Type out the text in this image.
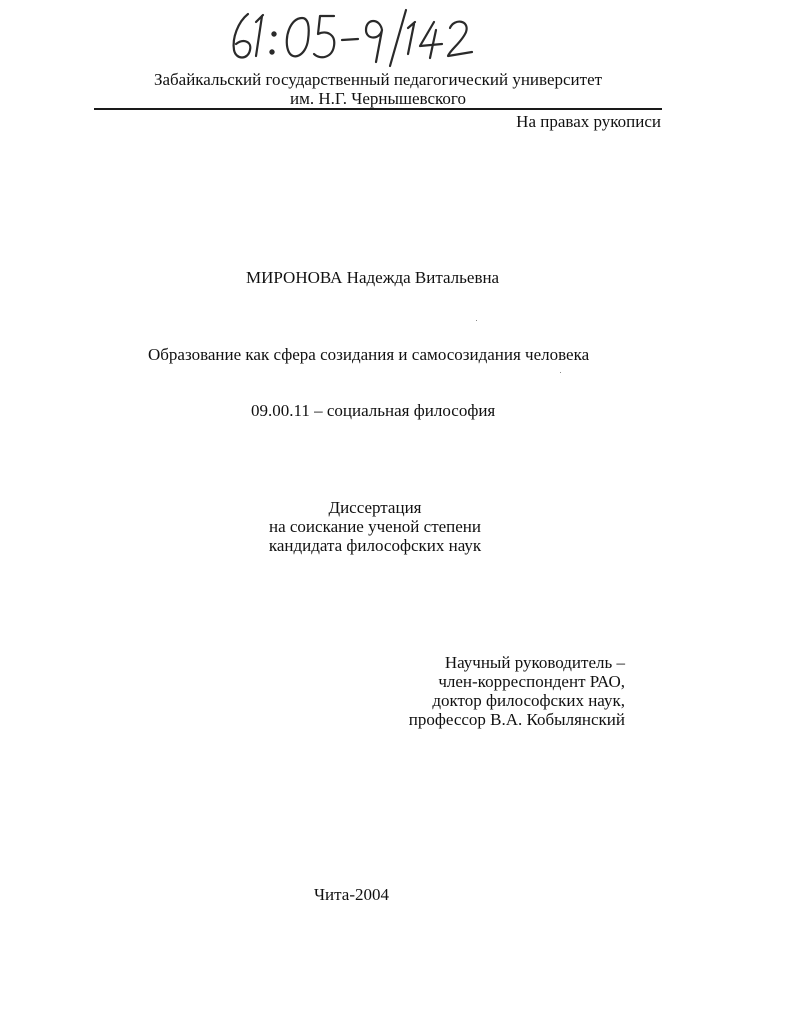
Забайкальский государственный педагогический университет
им. Н.Г. Чернышевского
На правах рукописи
МИРОНОВА Надежда Витальевна
Образование как сфера созидания и самосозидания человека
09.00.11 – социальная философия
Диссертация
на соискание ученой степени
кандидата философских наук
Научный руководитель –
член-корреспондент РАО,
доктор философских наук,
профессор В.А. Кобылянский
Чита-2004
